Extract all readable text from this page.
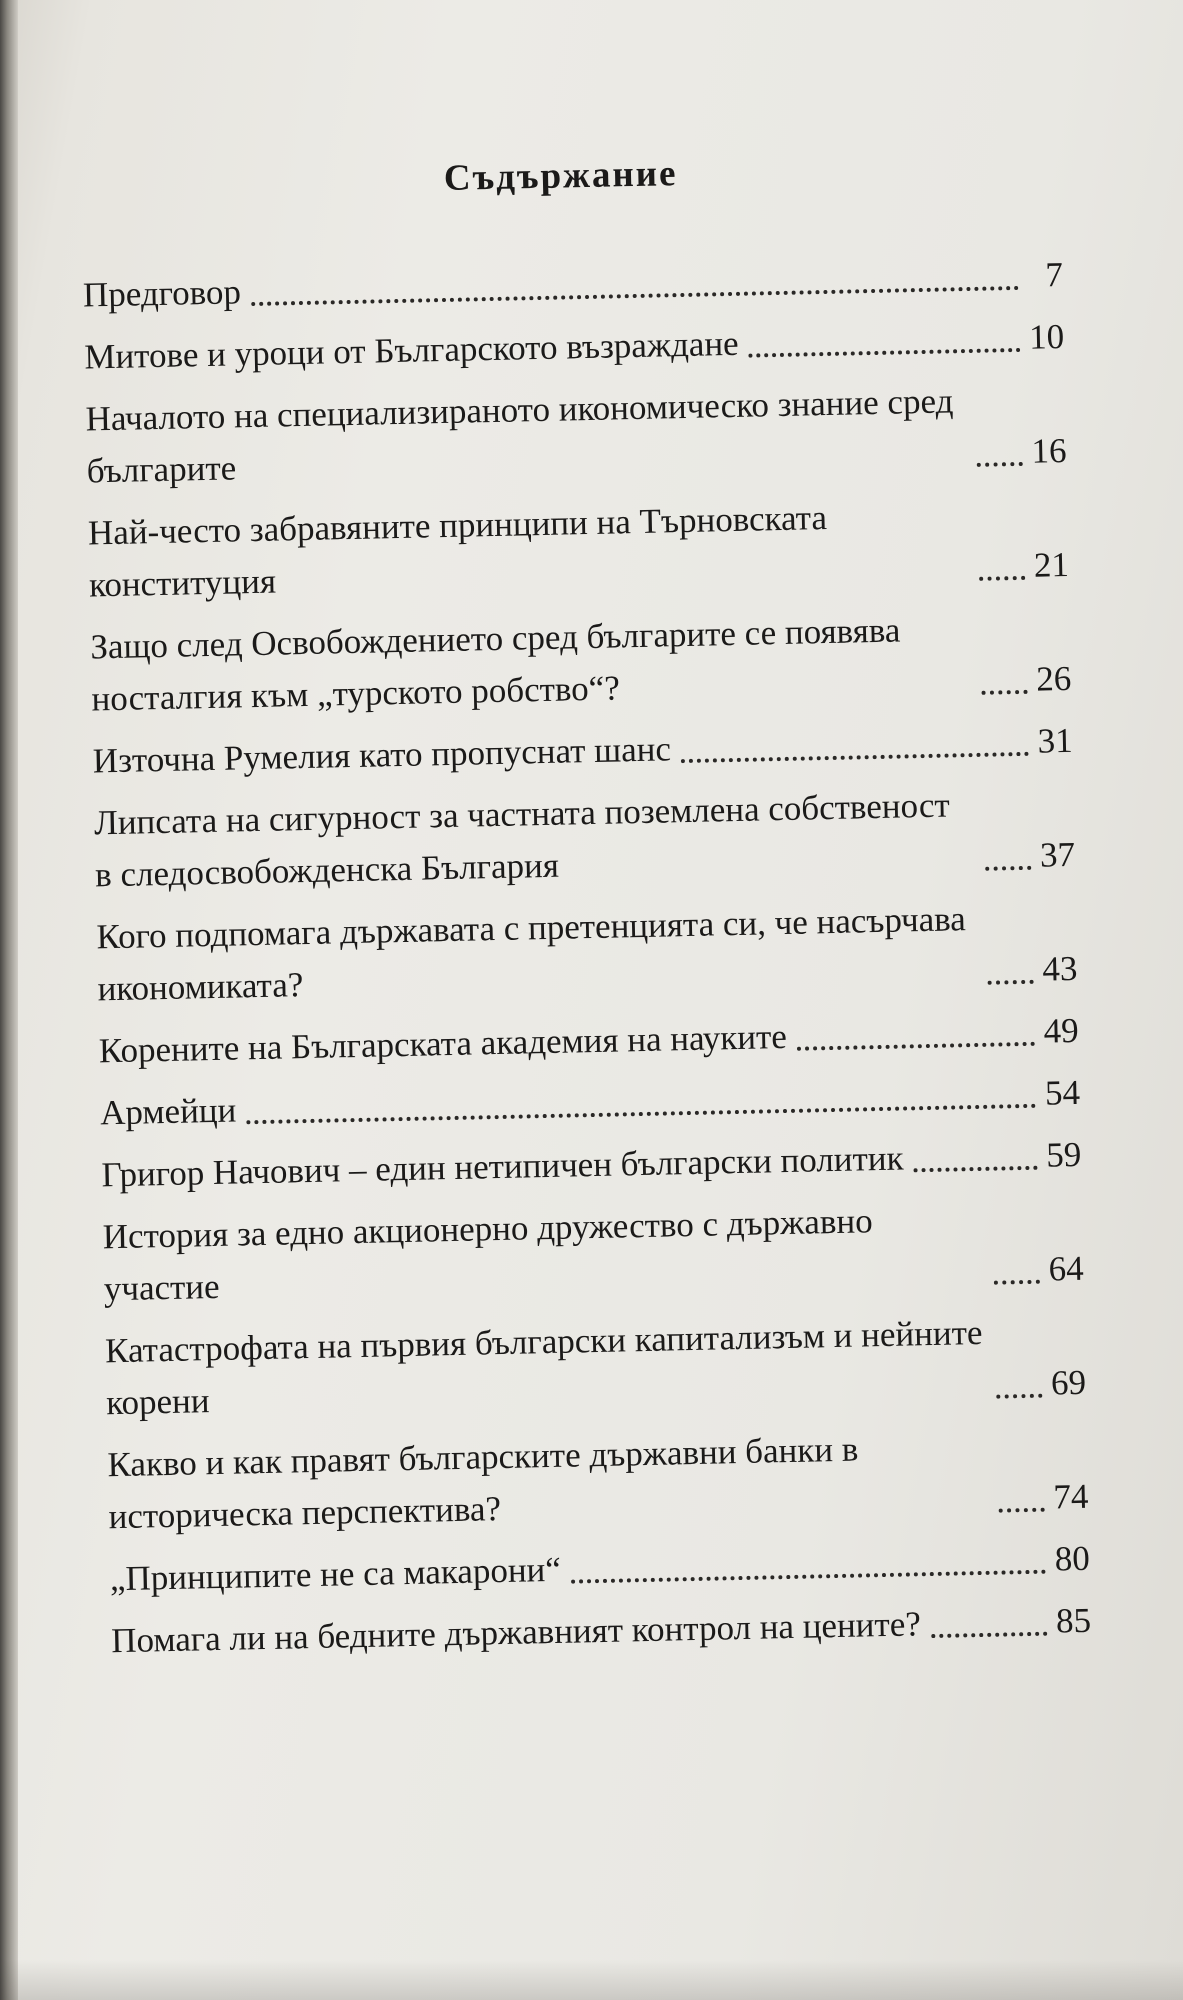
Съдържание
Предговор	7
Митове и уроци от Българското възраждане	10
Началото на специализираното икономическо знание сред българите	16
Най-често забравяните принципи на Търновската конституция	21
Защо след Освобождението сред българите се появява носталгия към „турското робство“?	26
Източна Румелия като пропуснат шанс	31
Липсата на сигурност за частната поземлена собственост в следосвобожденска България	37
Кого подпомага държавата с претенцията си, че насърчава икономиката?	43
Корените на Българската академия на науките	49
Армейци	54
Григор Начович – един нетипичен български политик	59
История за едно акционерно дружество с държавно участие	64
Катастрофата на първия български капитализъм и нейните корени	69
Какво и как правят българските държавни банки в историческа перспектива?	74
„Принципите не са макарони“	80
Помага ли на бедните държавният контрол на цените?	85
